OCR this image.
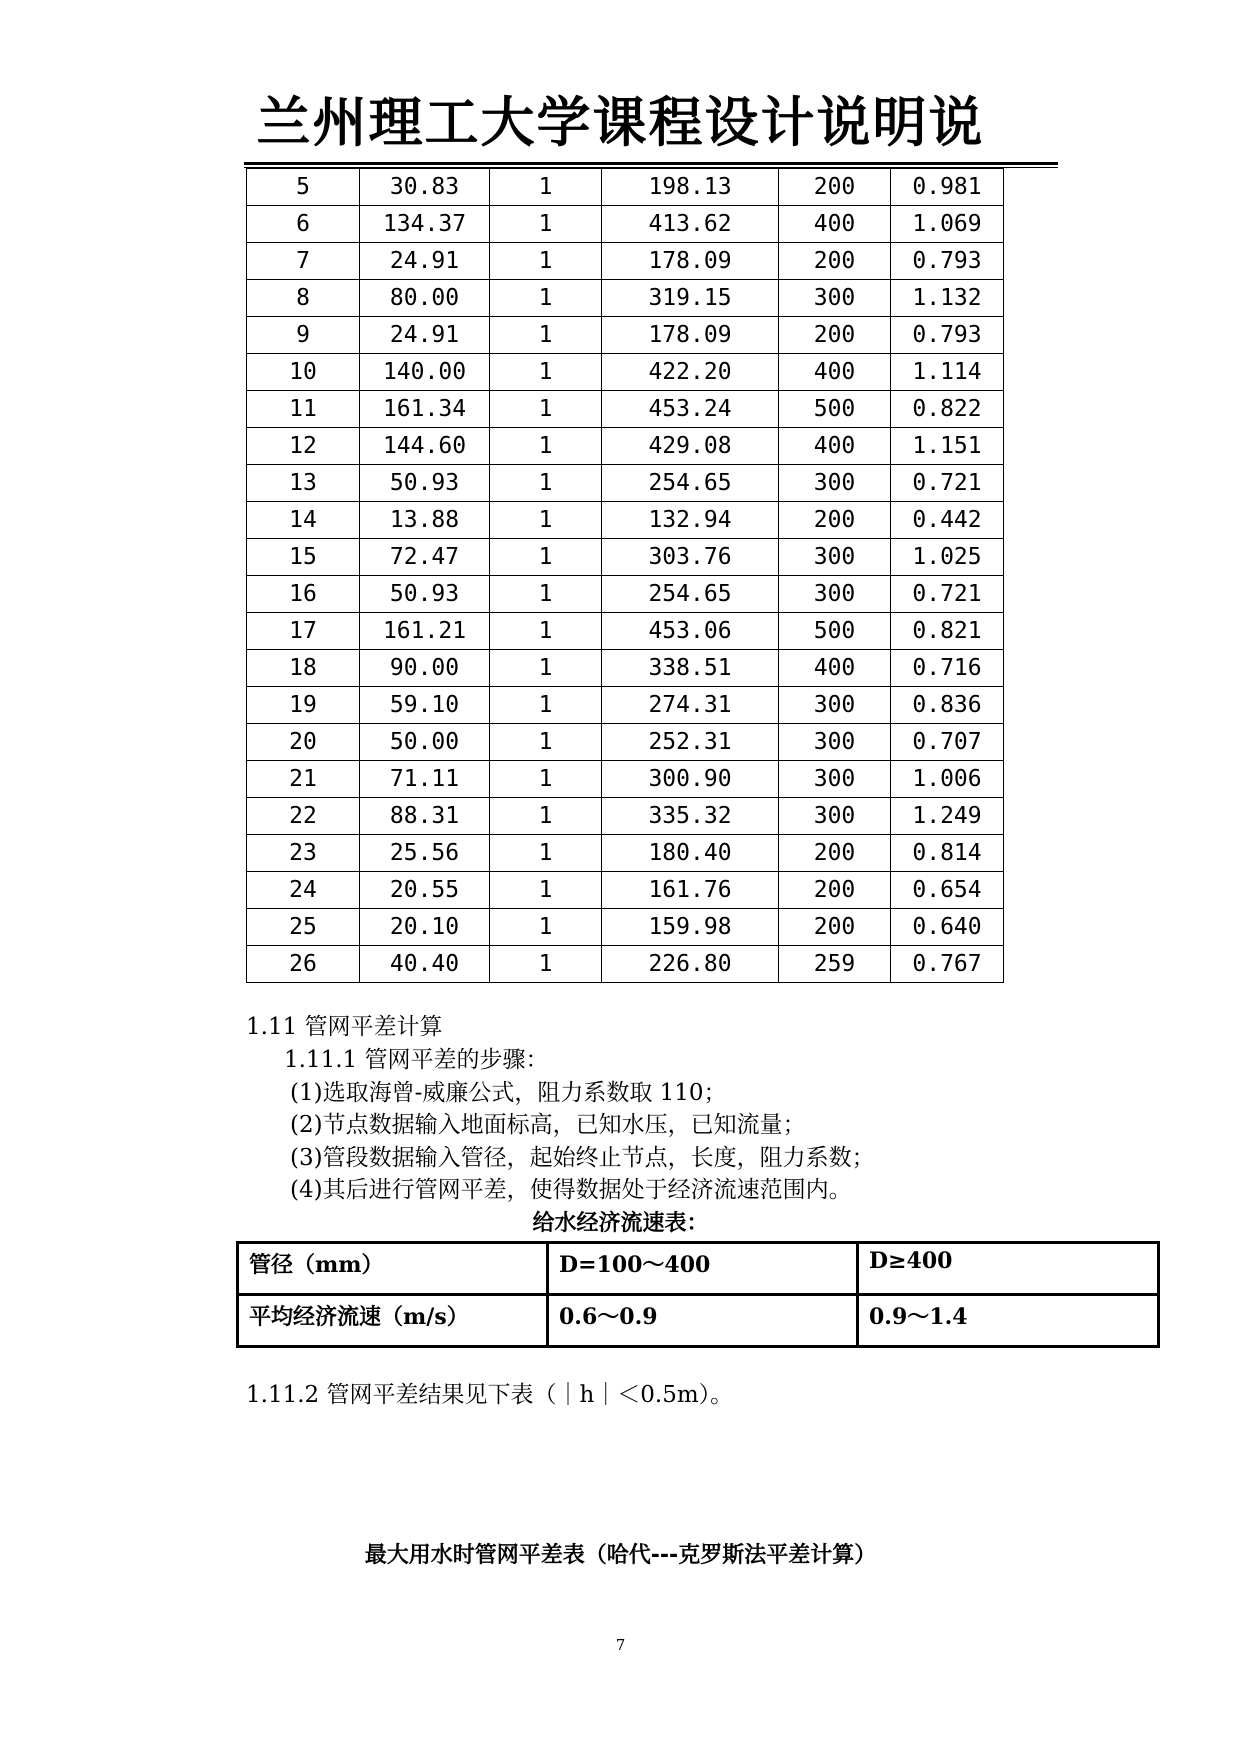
兰州理工大学课程设计说明说
5	30.83	1	198.13	200	0.981
6	134.37	1	413.62	400	1.069
7	24.91	1	178.09	200	0.793
8	80.00	1	319.15	300	1.132
9	24.91	1	178.09	200	0.793
10	140.00	1	422.20	400	1.114
11	161.34	1	453.24	500	0.822
12	144.60	1	429.08	400	1.151
13	50.93	1	254.65	300	0.721
14	13.88	1	132.94	200	0.442
15	72.47	1	303.76	300	1.025
16	50.93	1	254.65	300	0.721
17	161.21	1	453.06	500	0.821
18	90.00	1	338.51	400	0.716
19	59.10	1	274.31	300	0.836
20	50.00	1	252.31	300	0.707
21	71.11	1	300.90	300	1.006
22	88.31	1	335.32	300	1.249
23	25.56	1	180.40	200	0.814
24	20.55	1	161.76	200	0.654
25	20.10	1	159.98	200	0.640
26	40.40	1	226.80	259	0.767
1.11 管网平差计算
1.11.1 管网平差的步骤：
(1)选取海曾-威廉公式，阻力系数取 110；
(2)节点数据输入地面标高，已知水压，已知流量；
(3)管段数据输入管径，起始终止节点，长度，阻力系数；
(4)其后进行管网平差，使得数据处于经济流速范围内。
给水经济流速表：
管径（mm）	D=100～400	D≥400
平均经济流速（m/s）	0.6～0.9	0.9～1.4
1.11.2 管网平差结果见下表（｜h｜＜0.5m）。
最大用水时管网平差表（哈代---克罗斯法平差计算）
7
